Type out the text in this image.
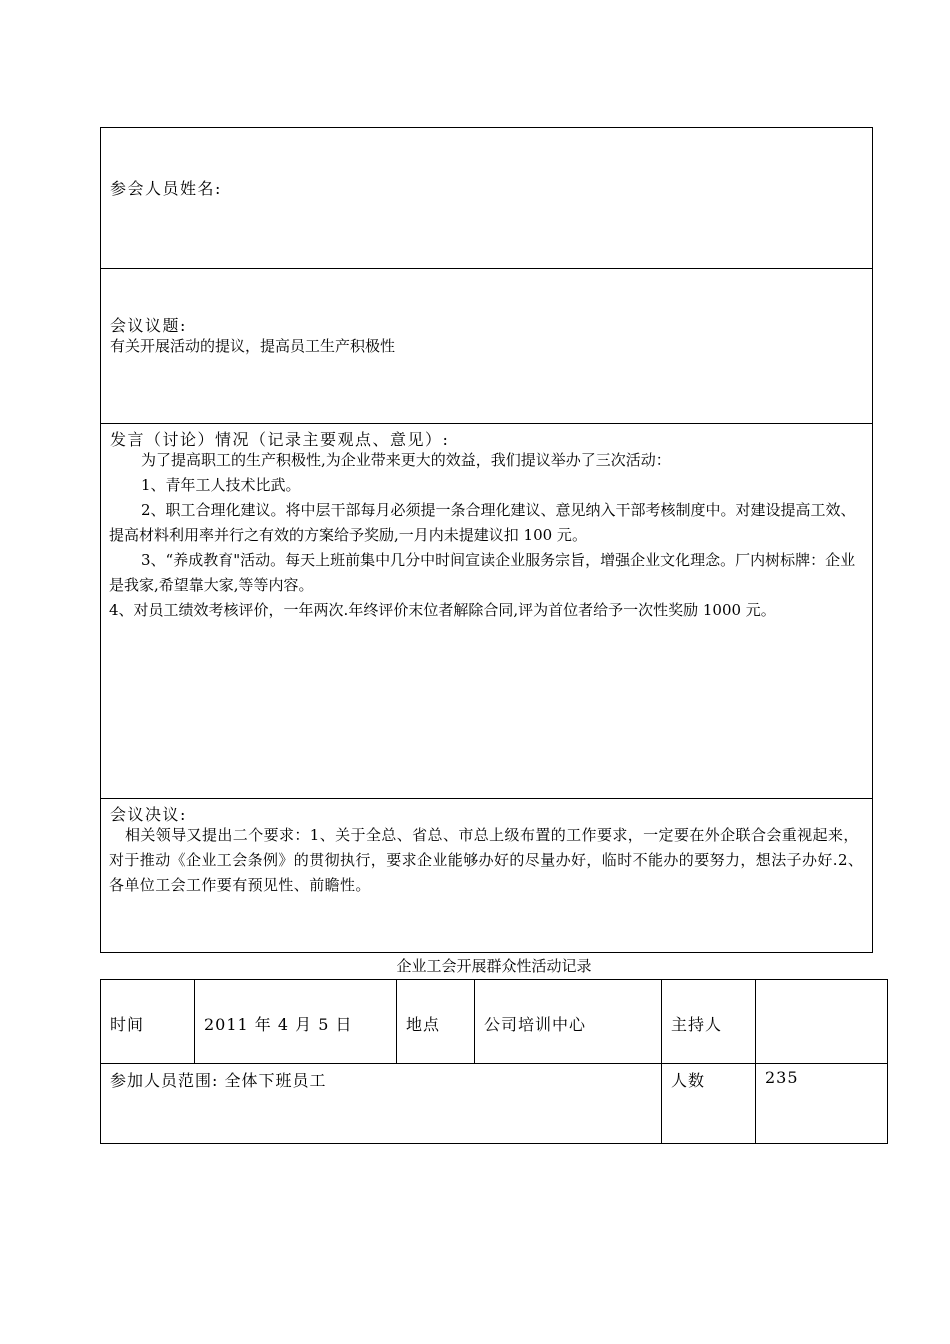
参会人员姓名:
会议议题:
有关开展活动的提议，提高员工生产积极性
发言（讨论）情况（记录主要观点、意见）:
为了提高职工的生产积极性,为企业带来更大的效益，我们提议举办了三次活动：
1、青年工人技术比武。
2、职工合理化建议。将中层干部每月必须提一条合理化建议、意见纳入干部考核制度中。对建设提高工效、提高材料利用率并行之有效的方案给予奖励,一月内未提建议扣 100 元。
3、“养成教育"活动。每天上班前集中几分中时间宣读企业服务宗旨，增强企业文化理念。厂内树标牌：企业是我家,希望靠大家,等等内容。
4、对员工绩效考核评价，一年两次.年终评价末位者解除合同,评为首位者给予一次性奖励 1000 元。
会议决议:
相关领导又提出二个要求：1、关于全总、省总、市总上级布置的工作要求，一定要在外企联合会重视起来，对于推动《企业工会条例》的贯彻执行，要求企业能够办好的尽量办好，临时不能办的要努力，想法子办好.2、各单位工会工作要有预见性、前瞻性。
企业工会开展群众性活动记录
时间	2011 年 4 月 5 日	地点	公司培训中心	主持人
参加人员范围: 全体下班员工	人数	235
